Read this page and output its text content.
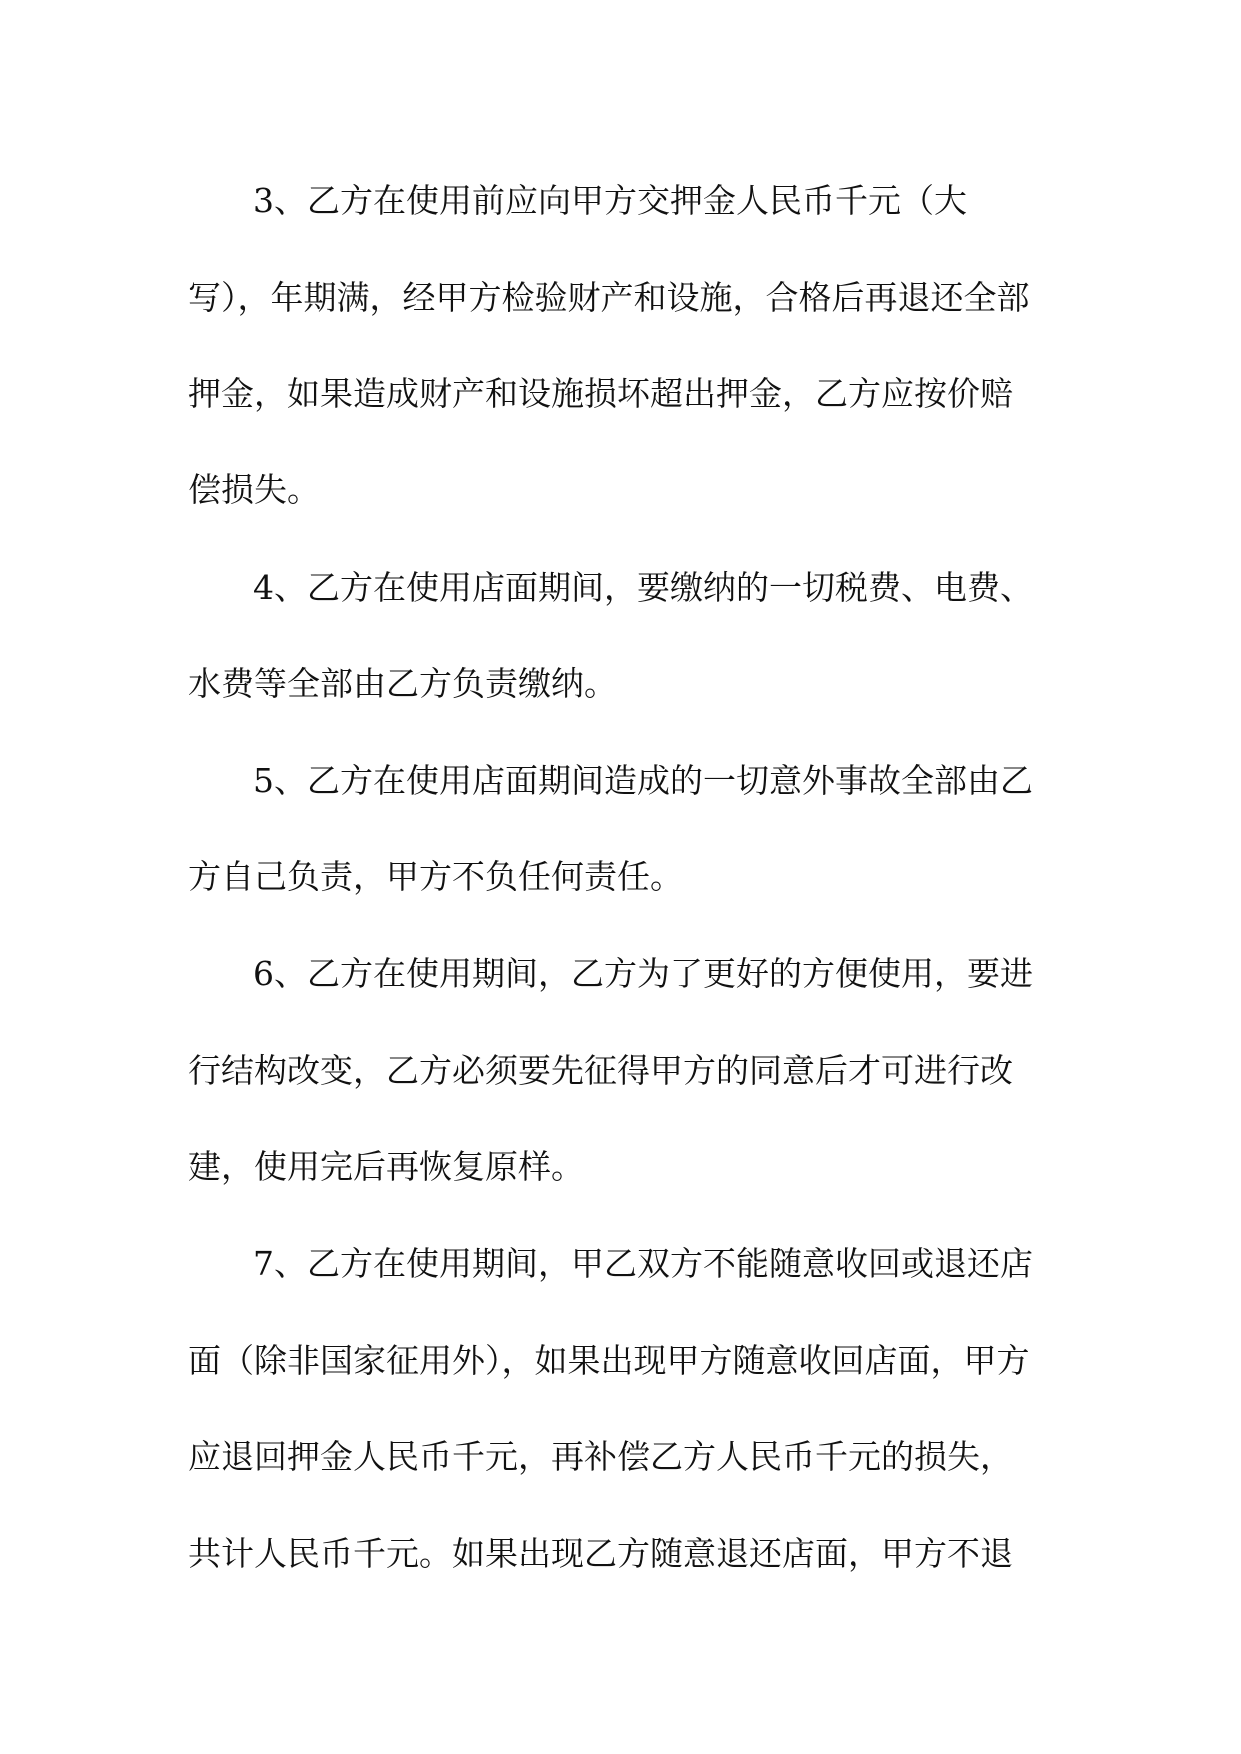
3、乙方在使用前应向甲方交押金人民币千元（大
写），年期满，经甲方检验财产和设施，合格后再退还全部
押金，如果造成财产和设施损坏超出押金，乙方应按价赔
偿损失。
4、乙方在使用店面期间，要缴纳的一切税费、电费、
水费等全部由乙方负责缴纳。
5、乙方在使用店面期间造成的一切意外事故全部由乙
方自己负责，甲方不负任何责任。
6、乙方在使用期间，乙方为了更好的方便使用，要进
行结构改变，乙方必须要先征得甲方的同意后才可进行改
建，使用完后再恢复原样。
7、乙方在使用期间，甲乙双方不能随意收回或退还店
面（除非国家征用外），如果出现甲方随意收回店面，甲方
应退回押金人民币千元，再补偿乙方人民币千元的损失，
共计人民币千元。如果出现乙方随意退还店面，甲方不退
